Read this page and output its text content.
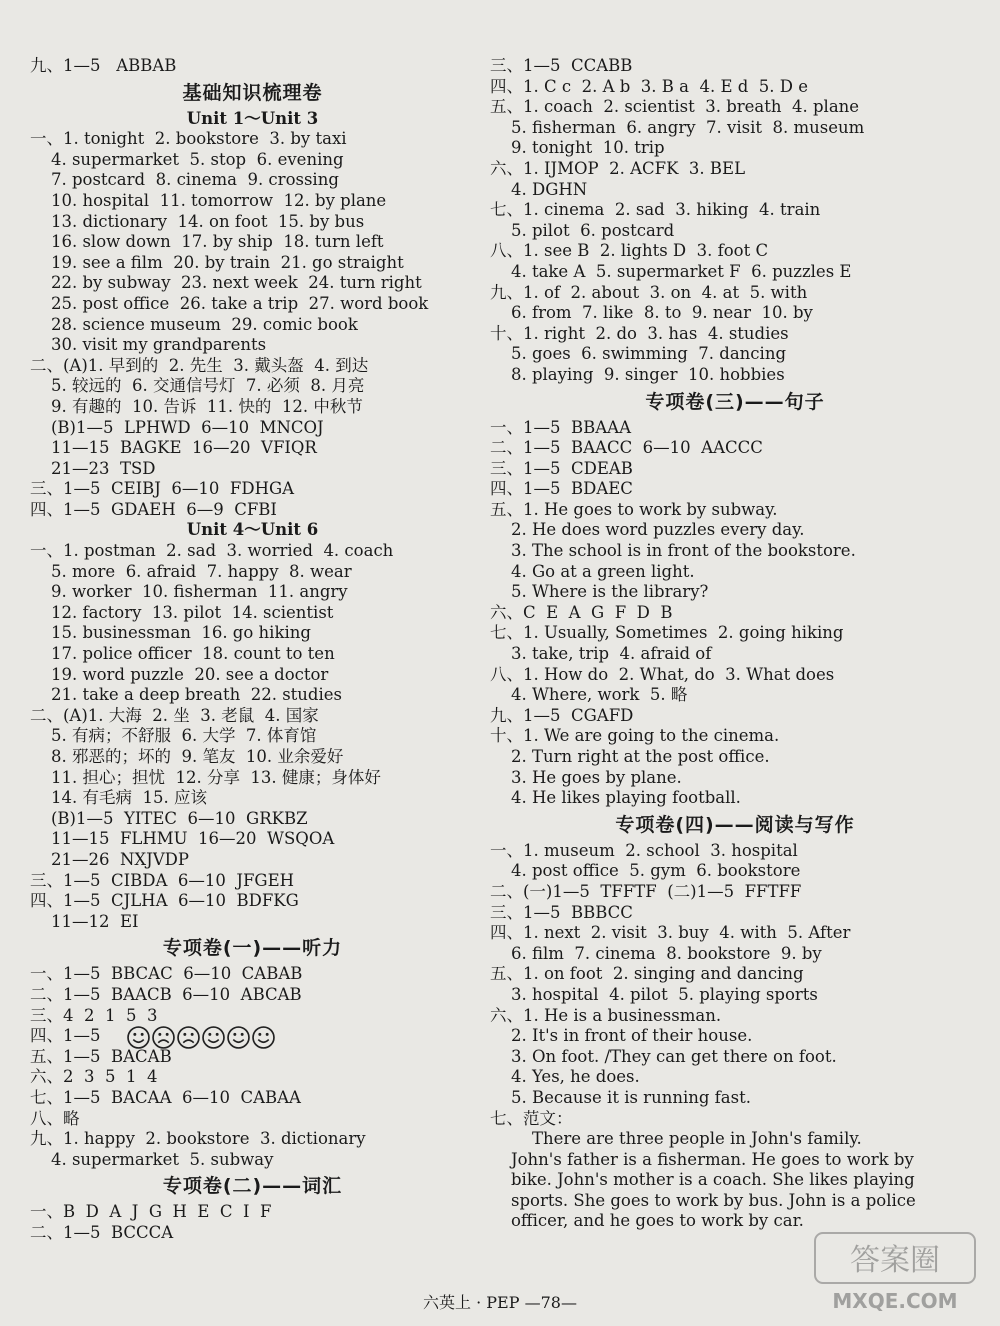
九、1—5   ABBAB
基础知识梳理卷
Unit 1～Unit 3
一、1. tonight  2. bookstore  3. by taxi
4. supermarket  5. stop  6. evening
7. postcard  8. cinema  9. crossing
10. hospital  11. tomorrow  12. by plane
13. dictionary  14. on foot  15. by bus
16. slow down  17. by ship  18. turn left
19. see a film  20. by train  21. go straight
22. by subway  23. next week  24. turn right
25. post office  26. take a trip  27. word book
28. science museum  29. comic book
30. visit my grandparents
二、(A)1. 早到的  2. 先生  3. 戴头盔  4. 到达
5. 较远的  6. 交通信号灯  7. 必须  8. 月亮
9. 有趣的  10. 告诉  11. 快的  12. 中秋节
(B)1—5  LPHWD  6—10  MNCOJ
11—15  BAGKE  16—20  VFIQR
21—23  TSD
三、1—5  CEIBJ  6—10  FDHGA
四、1—5  GDAEH  6—9  CFBI
Unit 4～Unit 6
一、1. postman  2. sad  3. worried  4. coach
5. more  6. afraid  7. happy  8. wear
9. worker  10. fisherman  11. angry
12. factory  13. pilot  14. scientist
15. businessman  16. go hiking
17. police officer  18. count to ten
19. word puzzle  20. see a doctor
21. take a deep breath  22. studies
二、(A)1. 大海  2. 坐  3. 老鼠  4. 国家
5. 有病；不舒服  6. 大学  7. 体育馆
8. 邪恶的；坏的  9. 笔友  10. 业余爱好
11. 担心；担忧  12. 分享  13. 健康；身体好
14. 有毛病  15. 应该
(B)1—5  YITEC  6—10  GRKBZ
11—15  FLHMU  16—20  WSQOA
21—26  NXJVDP
三、1—5  CIBDA  6—10  JFGEH
四、1—5  CJLHA  6—10  BDFKG
11—12  EI
专项卷(一)——听力
一、1—5  BBCAC  6—10  CABAB
二、1—5  BAACB  6—10  ABCAB
三、4  2  1  5  3
四、1—5
五、1—5  BACAB
六、2  3  5  1  4
七、1—5  BACAA  6—10  CABAA
八、略
九、1. happy  2. bookstore  3. dictionary
4. supermarket  5. subway
专项卷(二)——词汇
一、B  D  A  J  G  H  E  C  I  F
二、1—5  BCCCA
三、1—5  CCABB
四、1. C c  2. A b  3. B a  4. E d  5. D e
五、1. coach  2. scientist  3. breath  4. plane
5. fisherman  6. angry  7. visit  8. museum
9. tonight  10. trip
六、1. IJMOP  2. ACFK  3. BEL
4. DGHN
七、1. cinema  2. sad  3. hiking  4. train
5. pilot  6. postcard
八、1. see B  2. lights D  3. foot C
4. take A  5. supermarket F  6. puzzles E
九、1. of  2. about  3. on  4. at  5. with
6. from  7. like  8. to  9. near  10. by
十、1. right  2. do  3. has  4. studies
5. goes  6. swimming  7. dancing
8. playing  9. singer  10. hobbies
专项卷(三)——句子
一、1—5  BBAAA
二、1—5  BAACC  6—10  AACCC
三、1—5  CDEAB
四、1—5  BDAEC
五、1. He goes to work by subway.
2. He does word puzzles every day.
3. The school is in front of the bookstore.
4. Go at a green light.
5. Where is the library?
六、C  E  A  G  F  D  B
七、1. Usually, Sometimes  2. going hiking
3. take, trip  4. afraid of
八、1. How do  2. What, do  3. What does
4. Where, work  5. 略
九、1—5  CGAFD
十、1. We are going to the cinema.
2. Turn right at the post office.
3. He goes by plane.
4. He likes playing football.
专项卷(四)——阅读与写作
一、1. museum  2. school  3. hospital
4. post office  5. gym  6. bookstore
二、(一)1—5  TFFTF  (二)1—5  FFTFF
三、1—5  BBBCC
四、1. next  2. visit  3. buy  4. with  5. After
6. film  7. cinema  8. bookstore  9. by
五、1. on foot  2. singing and dancing
3. hospital  4. pilot  5. playing sports
六、1. He is a businessman.
2. It's in front of their house.
3. On foot. /They can get there on foot.
4. Yes, he does.
5. Because it is running fast.
七、范文：
There are three people in John's family.
John's father is a fisherman. He goes to work by
bike. John's mother is a coach. She likes playing
sports. She goes to work by bus. John is a police
officer, and he goes to work by car.
六英上 · PEP —78—
答案圈
MXQE.COM
